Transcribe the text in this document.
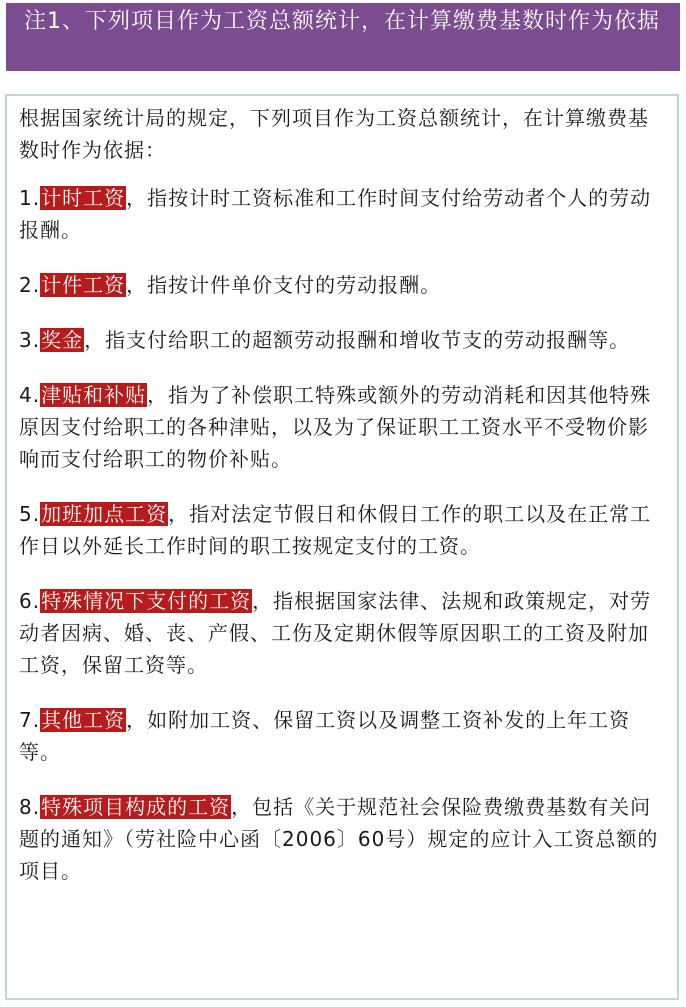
注1、下列项目作为工资总额统计，在计算缴费基数时作为依据

根据国家统计局的规定，下列项目作为工资总额统计，在计算缴费基数时作为依据：

1.计时工资，指按计时工资标准和工作时间支付给劳动者个人的劳动报酬。

2.计件工资，指按计件单价支付的劳动报酬。

3.奖金，指支付给职工的超额劳动报酬和增收节支的劳动报酬等。

4.津贴和补贴，指为了补偿职工特殊或额外的劳动消耗和因其他特殊原因支付给职工的各种津贴，以及为了保证职工工资水平不受物价影响而支付给职工的物价补贴。

5.加班加点工资，指对法定节假日和休假日工作的职工以及在正常工作日以外延长工作时间的职工按规定支付的工资。

6.特殊情况下支付的工资，指根据国家法律、法规和政策规定，对劳动者因病、婚、丧、产假、工伤及定期休假等原因职工的工资及附加工资，保留工资等。

7.其他工资，如附加工资、保留工资以及调整工资补发的上年工资等。

8.特殊项目构成的工资，包括《关于规范社会保险费缴费基数有关问题的通知》（劳社险中心函〔2006〕60号）规定的应计入工资总额的项目。
